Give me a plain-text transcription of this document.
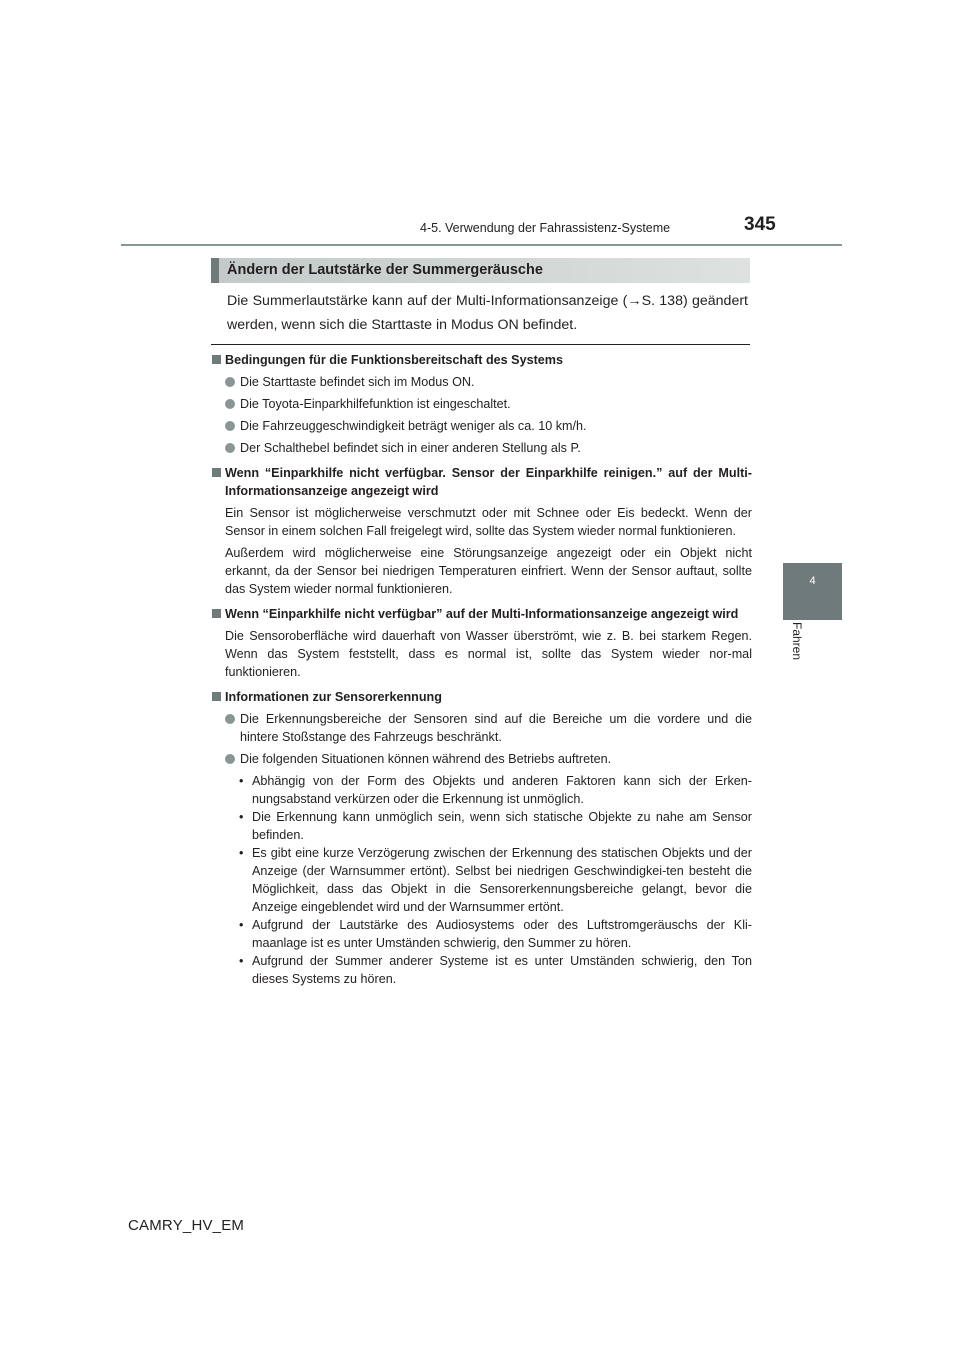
4-5. Verwendung der Fahrassistenz-Systeme	345
4
Fahren
Ändern der Lautstärke der Summergeräusche
Die Summerlautstärke kann auf der Multi-Informationsanzeige (→S. 138) geändert werden, wenn sich die Starttaste in Modus ON befindet.
Bedingungen für die Funktionsbereitschaft des Systems
Die Starttaste befindet sich im Modus ON.
Die Toyota-Einparkhilfefunktion ist eingeschaltet.
Die Fahrzeuggeschwindigkeit beträgt weniger als ca. 10 km/h.
Der Schalthebel befindet sich in einer anderen Stellung als P.
Wenn “Einparkhilfe nicht verfügbar. Sensor der Einparkhilfe reinigen.” auf der Multi-Informationsanzeige angezeigt wird
Ein Sensor ist möglicherweise verschmutzt oder mit Schnee oder Eis bedeckt. Wenn der Sensor in einem solchen Fall freigelegt wird, sollte das System wieder normal funktionieren.
Außerdem wird möglicherweise eine Störungsanzeige angezeigt oder ein Objekt nicht erkannt, da der Sensor bei niedrigen Temperaturen einfriert. Wenn der Sensor auftaut, sollte das System wieder normal funktionieren.
Wenn “Einparkhilfe nicht verfügbar” auf der Multi-Informationsanzeige angezeigt wird
Die Sensoroberfläche wird dauerhaft von Wasser überströmt, wie z. B. bei starkem Regen. Wenn das System feststellt, dass es normal ist, sollte das System wieder nor-mal funktionieren.
Informationen zur Sensorerkennung
Die Erkennungsbereiche der Sensoren sind auf die Bereiche um die vordere und die hintere Stoßstange des Fahrzeugs beschränkt.
Die folgenden Situationen können während des Betriebs auftreten.
• Abhängig von der Form des Objekts und anderen Faktoren kann sich der Erken-nungsabstand verkürzen oder die Erkennung ist unmöglich.
• Die Erkennung kann unmöglich sein, wenn sich statische Objekte zu nahe am Sensor befinden.
• Es gibt eine kurze Verzögerung zwischen der Erkennung des statischen Objekts und der Anzeige (der Warnsummer ertönt). Selbst bei niedrigen Geschwindigkei-ten besteht die Möglichkeit, dass das Objekt in die Sensorerkennungsbereiche gelangt, bevor die Anzeige eingeblendet wird und der Warnsummer ertönt.
• Aufgrund der Lautstärke des Audiosystems oder des Luftstromgeräuschs der Kli-maanlage ist es unter Umständen schwierig, den Summer zu hören.
• Aufgrund der Summer anderer Systeme ist es unter Umständen schwierig, den Ton dieses Systems zu hören.
CAMRY_HV_EM
